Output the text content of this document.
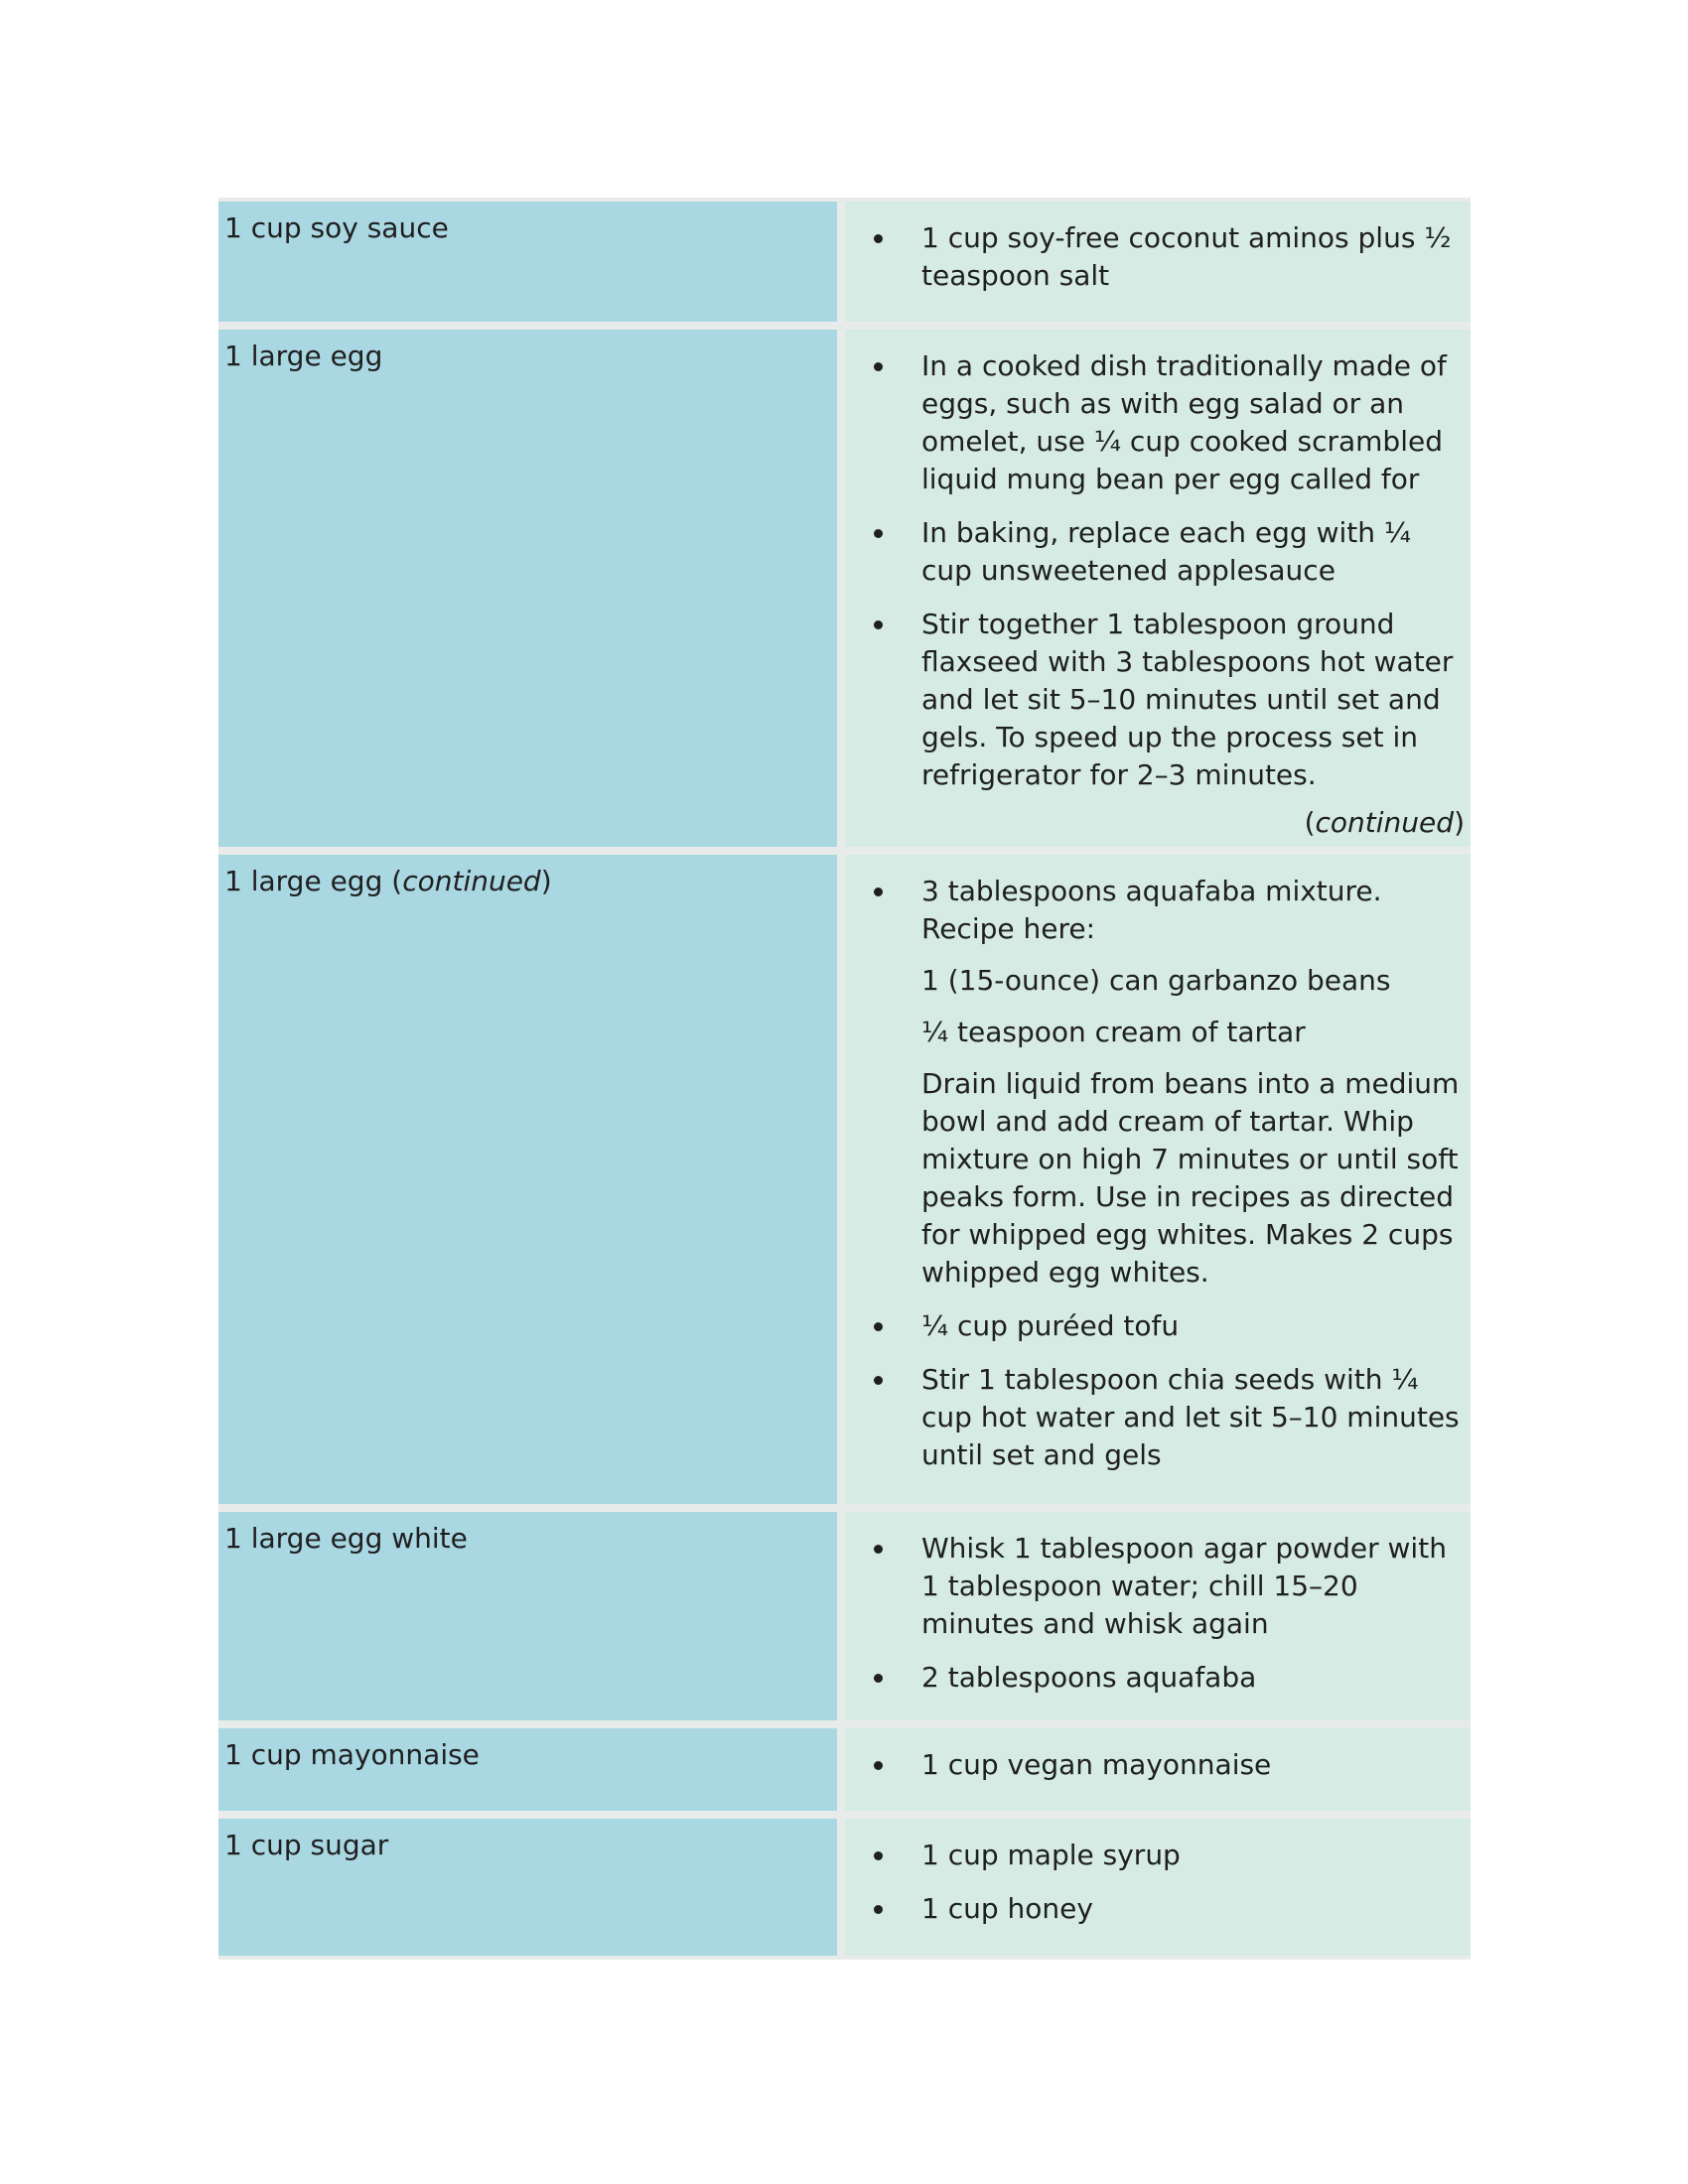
1 cup soy sauce	1 cup soy-free coconut aminos plus ½ teaspoon salt
1 large egg	In a cooked dish traditionally made of eggs, such as with egg salad or an omelet, use ¼ cup cooked scrambled liquid mung bean per egg called for
In baking, replace each egg with ¼ cup unsweetened applesauce
Stir together 1 tablespoon ground flaxseed with 3 tablespoons hot water and let sit 5–10 minutes until set and gels. To speed up the process set in refrigerator for 2–3 minutes.
(continued)
1 large egg (continued)	3 tablespoons aquafaba mixture. Recipe here:
1 (15-ounce) can garbanzo beans
¼ teaspoon cream of tartar
Drain liquid from beans into a medium bowl and add cream of tartar. Whip mixture on high 7 minutes or until soft peaks form. Use in recipes as directed for whipped egg whites. Makes 2 cups whipped egg whites.
¼ cup puréed tofu
Stir 1 tablespoon chia seeds with ¼ cup hot water and let sit 5–10 minutes until set and gels
1 large egg white	Whisk 1 tablespoon agar powder with 1 tablespoon water; chill 15–20 minutes and whisk again
2 tablespoons aquafaba
1 cup mayonnaise	1 cup vegan mayonnaise
1 cup sugar	1 cup maple syrup
1 cup honey
